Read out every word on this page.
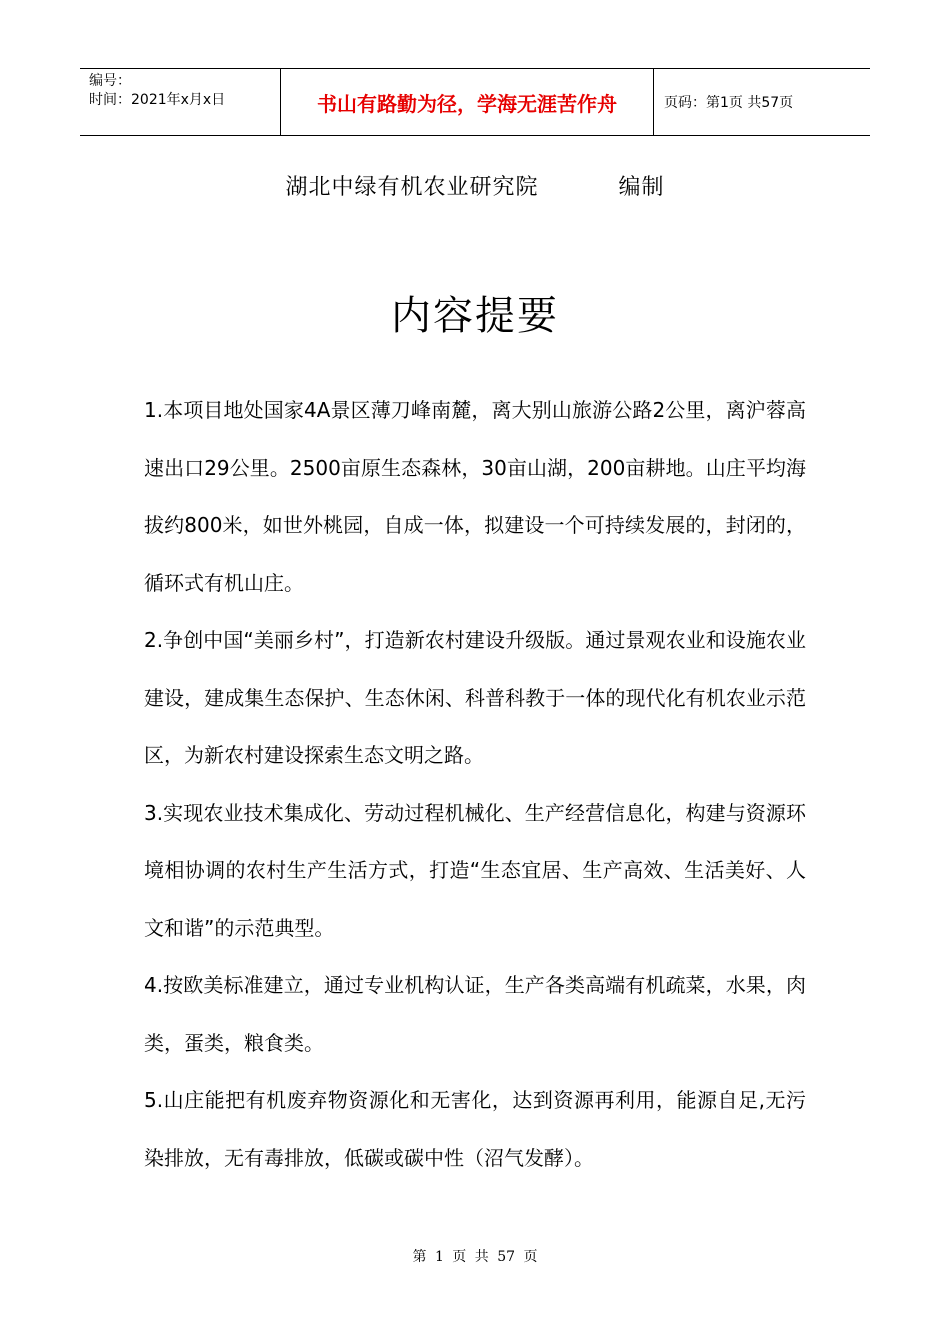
编号：
时间：2021年x月x日	书山有路勤为径，学海无涯苦作舟	页码：第1页 共57页
湖北中绿有机农业研究院          编制
内容提要
1.本项目地处国家4A景区薄刀峰南麓，离大别山旅游公路2公里，离沪蓉高速出口29公里。2500亩原生态森林，30亩山湖，200亩耕地。山庄平均海拔约800米，如世外桃园，自成一体，拟建设一个可持续发展的，封闭的，循环式有机山庄。
2.争创中国“美丽乡村”，打造新农村建设升级版。通过景观农业和设施农业建设，建成集生态保护、生态休闲、科普科教于一体的现代化有机农业示范区，为新农村建设探索生态文明之路。
3.实现农业技术集成化、劳动过程机械化、生产经营信息化，构建与资源环境相协调的农村生产生活方式，打造“生态宜居、生产高效、生活美好、人文和谐”的示范典型。
4.按欧美标准建立，通过专业机构认证，生产各类高端有机疏菜，水果，肉类，蛋类，粮食类。
5.山庄能把有机废弃物资源化和无害化，达到资源再利用，能源自足,无污染排放，无有毒排放，低碳或碳中性（沼气发酵）。
第 1 页 共 57 页
